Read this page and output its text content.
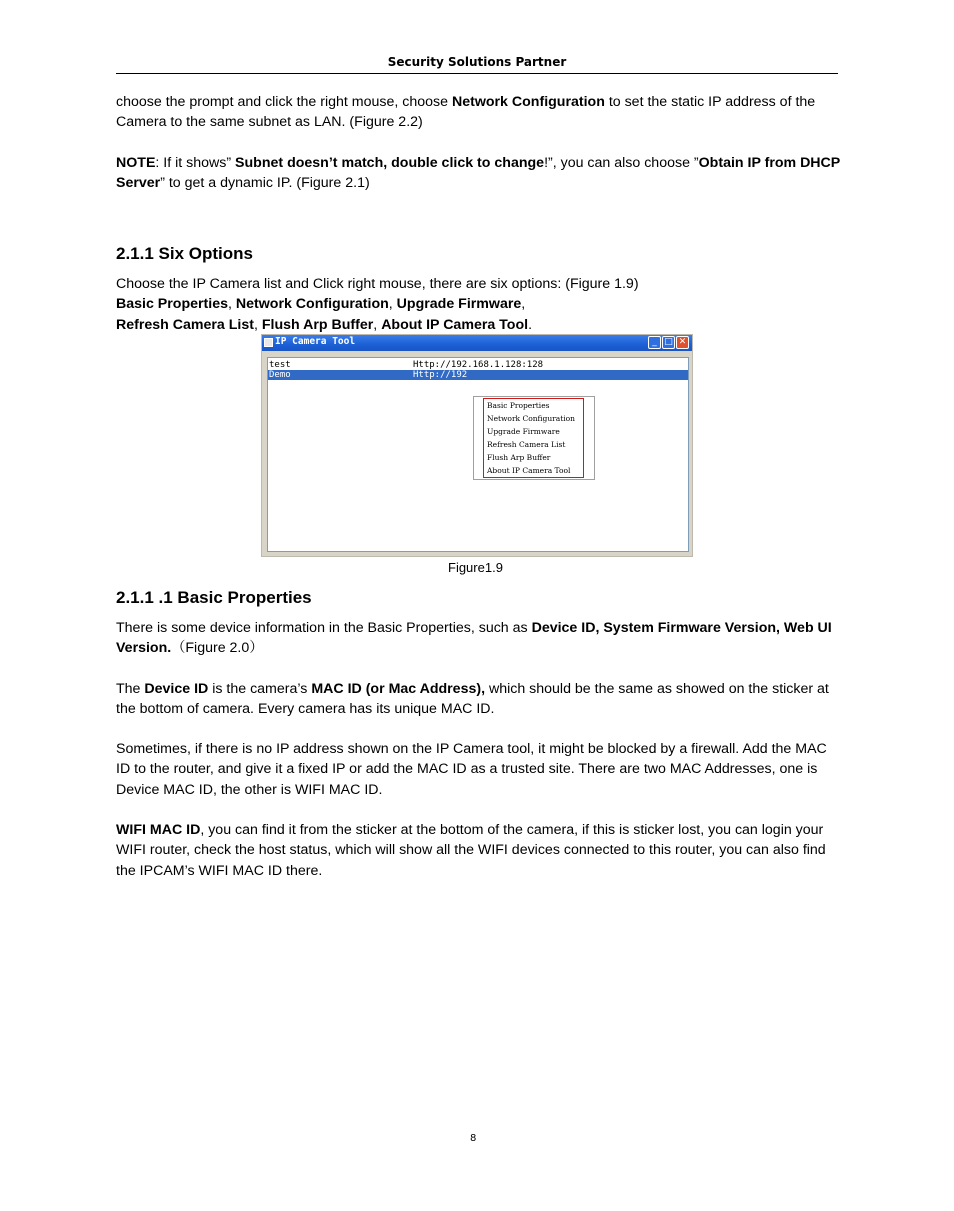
Security Solutions Partner

choose the prompt and click the right mouse, choose Network Configuration to set the static IP address of the Camera to the same subnet as LAN. (Figure 2.2)

NOTE: If it shows” Subnet doesn’t match, double click to change!”, you can also choose ”Obtain IP from DHCP Server” to get a dynamic IP. (Figure 2.1)

2.1.1 Six Options

Choose the IP Camera list and Click right mouse, there are six options: (Figure 1.9)
Basic Properties, Network Configuration, Upgrade Firmware,
Refresh Camera List, Flush Arp Buffer, About IP Camera Tool.

IP Camera Tool	_ □ ✕
test	Http://192.168.1.128:128
Demo	Http://192
Basic Properties
Network Configuration
Upgrade Firmware
Refresh Camera List
Flush Arp Buffer
About IP Camera Tool
Figure1.9
2.1.1 .1 Basic Properties

There is some device information in the Basic Properties, such as Device ID, System Firmware Version, Web UI Version.（Figure 2.0）

The Device ID is the camera’s MAC ID (or Mac Address), which should be the same as showed on the sticker at the bottom of camera. Every camera has its unique MAC ID.

Sometimes, if there is no IP address shown on the IP Camera tool, it might be blocked by a firewall. Add the MAC ID to the router, and give it a fixed IP or add the MAC ID as a trusted site. There are two MAC Addresses, one is Device MAC ID, the other is WIFI MAC ID.

WIFI MAC ID, you can find it from the sticker at the bottom of the camera, if this is sticker lost, you can login your WIFI router, check the host status, which will show all the WIFI devices connected to this router, you can also find the IPCAM’s WIFI MAC ID there.

8
